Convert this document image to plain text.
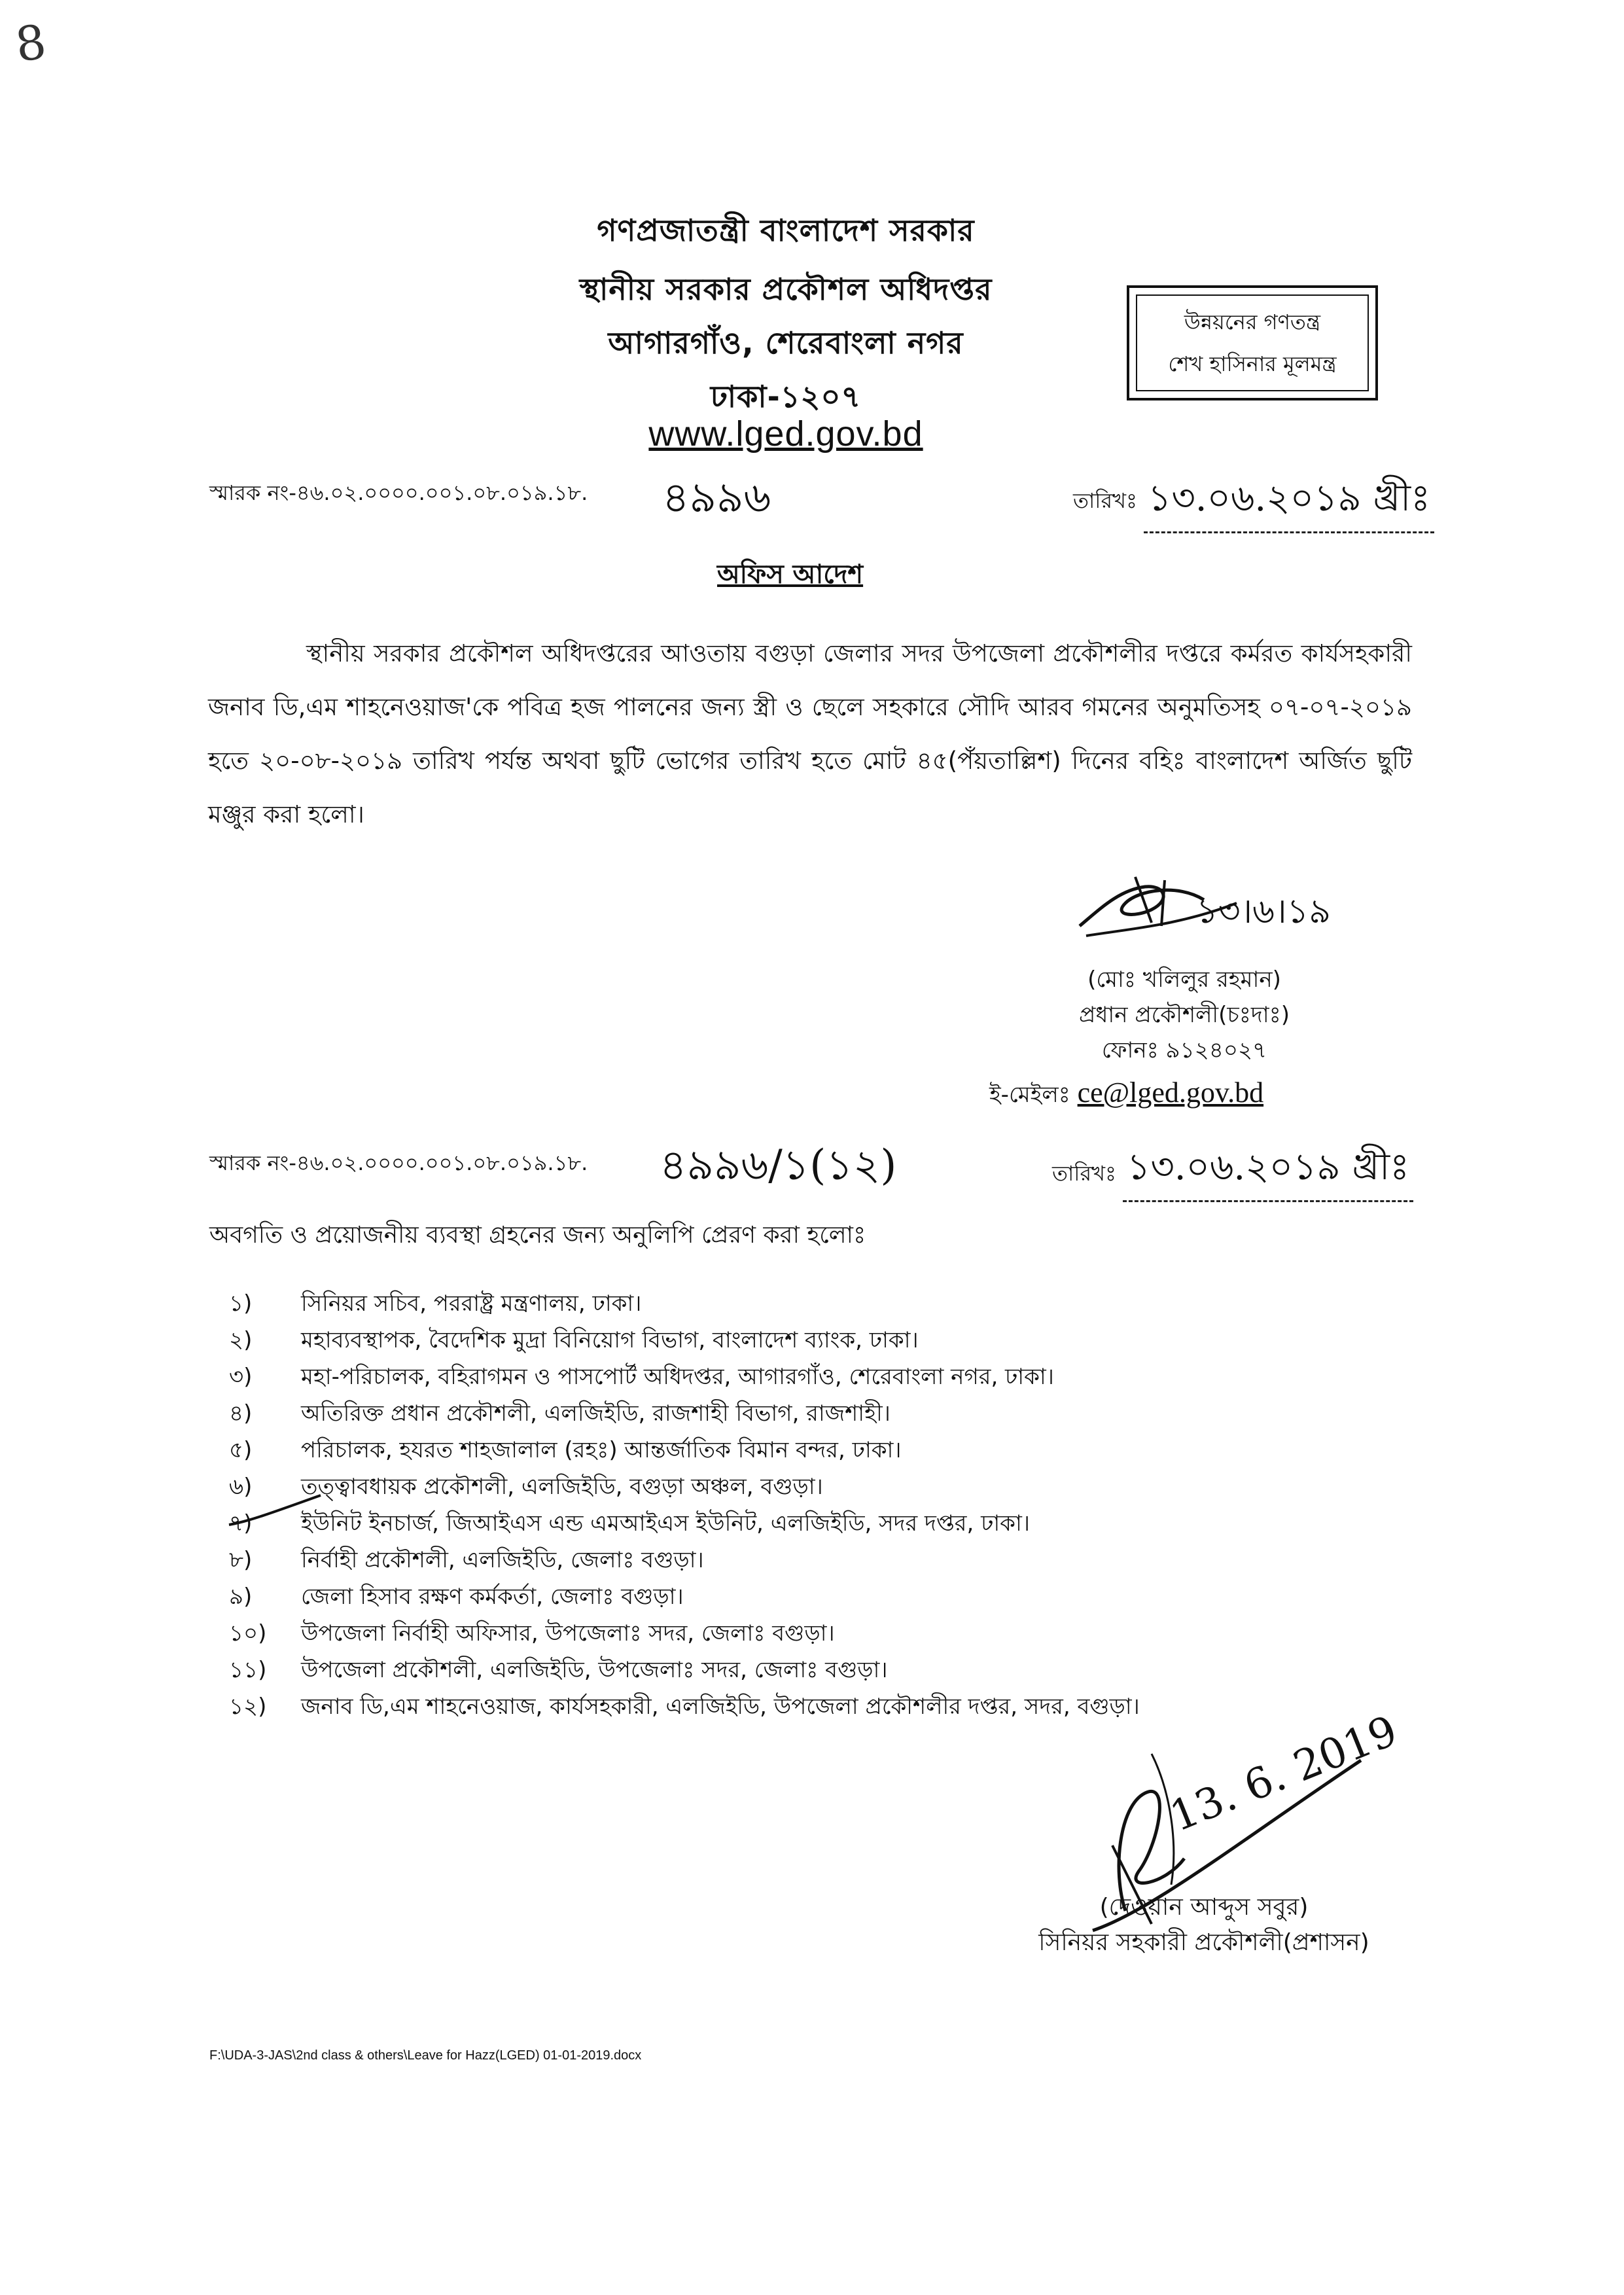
8
গণপ্রজাতন্ত্রী বাংলাদেশ সরকার
স্থানীয় সরকার প্রকৌশল অধিদপ্তর
আগারগাঁও, শেরেবাংলা নগর
ঢাকা-১২০৭
www.lged.gov.bd
উন্নয়নের গণতন্ত্র
শেখ হাসিনার মূলমন্ত্র
স্মারক নং-৪৬.০২.০০০০.০০১.০৮.০১৯.১৮. ৪৯৯৬	তারিখঃ ১৩.০৬.২০১৯ খ্রীঃ
অফিস আদেশ
স্থানীয় সরকার প্রকৌশল অধিদপ্তরের আওতায় বগুড়া জেলার সদর উপজেলা প্রকৌশলীর দপ্তরে কর্মরত কার্যসহকারী জনাব ডি,এম শাহনেওয়াজ'কে পবিত্র হজ পালনের জন্য স্ত্রী ও ছেলে সহকারে সৌদি আরব গমনের অনুমতিসহ ০৭-০৭-২০১৯ হতে ২০-০৮-২০১৯ তারিখ পর্যন্ত অথবা ছুটি ভোগের তারিখ হতে মোট ৪৫(পঁয়তাল্লিশ) দিনের বহিঃ বাংলাদেশ অর্জিত ছুটি মঞ্জুর করা হলো।
১৩।৬।১৯
(মোঃ খলিলুর রহমান)
প্রধান প্রকৌশলী(চঃদাঃ)
ফোনঃ ৯১২৪০২৭
ই-মেইলঃ ce@lged.gov.bd
স্মারক নং-৪৬.০২.০০০০.০০১.০৮.০১৯.১৮. ৪৯৯৬/১(১২)	তারিখঃ ১৩.০৬.২০১৯ খ্রীঃ
অবগতি ও প্রয়োজনীয় ব্যবস্থা গ্রহনের জন্য অনুলিপি প্রেরণ করা হলোঃ
১)	সিনিয়র সচিব, পররাষ্ট্র মন্ত্রণালয়, ঢাকা।
২)	মহাব্যবস্থাপক, বৈদেশিক মুদ্রা বিনিয়োগ বিভাগ, বাংলাদেশ ব্যাংক, ঢাকা।
৩)	মহা-পরিচালক, বহিরাগমন ও পাসপোর্ট অধিদপ্তর, আগারগাঁও, শেরেবাংলা নগর, ঢাকা।
৪)	অতিরিক্ত প্রধান প্রকৌশলী, এলজিইডি, রাজশাহী বিভাগ, রাজশাহী।
৫)	পরিচালক, হযরত শাহজালাল (রহঃ) আন্তর্জাতিক বিমান বন্দর, ঢাকা।
৬)	তত্ত্বাবধায়ক প্রকৌশলী, এলজিইডি, বগুড়া অঞ্চল, বগুড়া।
৭)	ইউনিট ইনচার্জ, জিআইএস এন্ড এমআইএস ইউনিট, এলজিইডি, সদর দপ্তর, ঢাকা।
৮)	নির্বাহী প্রকৌশলী, এলজিইডি, জেলাঃ বগুড়া।
৯)	জেলা হিসাব রক্ষণ কর্মকর্তা, জেলাঃ বগুড়া।
১০)	উপজেলা নির্বাহী অফিসার, উপজেলাঃ সদর, জেলাঃ বগুড়া।
১১)	উপজেলা প্রকৌশলী, এলজিইডি, উপজেলাঃ সদর, জেলাঃ বগুড়া।
১২)	জনাব ডি,এম শাহনেওয়াজ, কার্যসহকারী, এলজিইডি, উপজেলা প্রকৌশলীর দপ্তর, সদর, বগুড়া।
13. 6. 2019
(দেওয়ান আব্দুস সবুর)
সিনিয়র সহকারী প্রকৌশলী(প্রশাসন)
F:\UDA-3-JAS\2nd class & others\Leave for Hazz(LGED) 01-01-2019.docx
